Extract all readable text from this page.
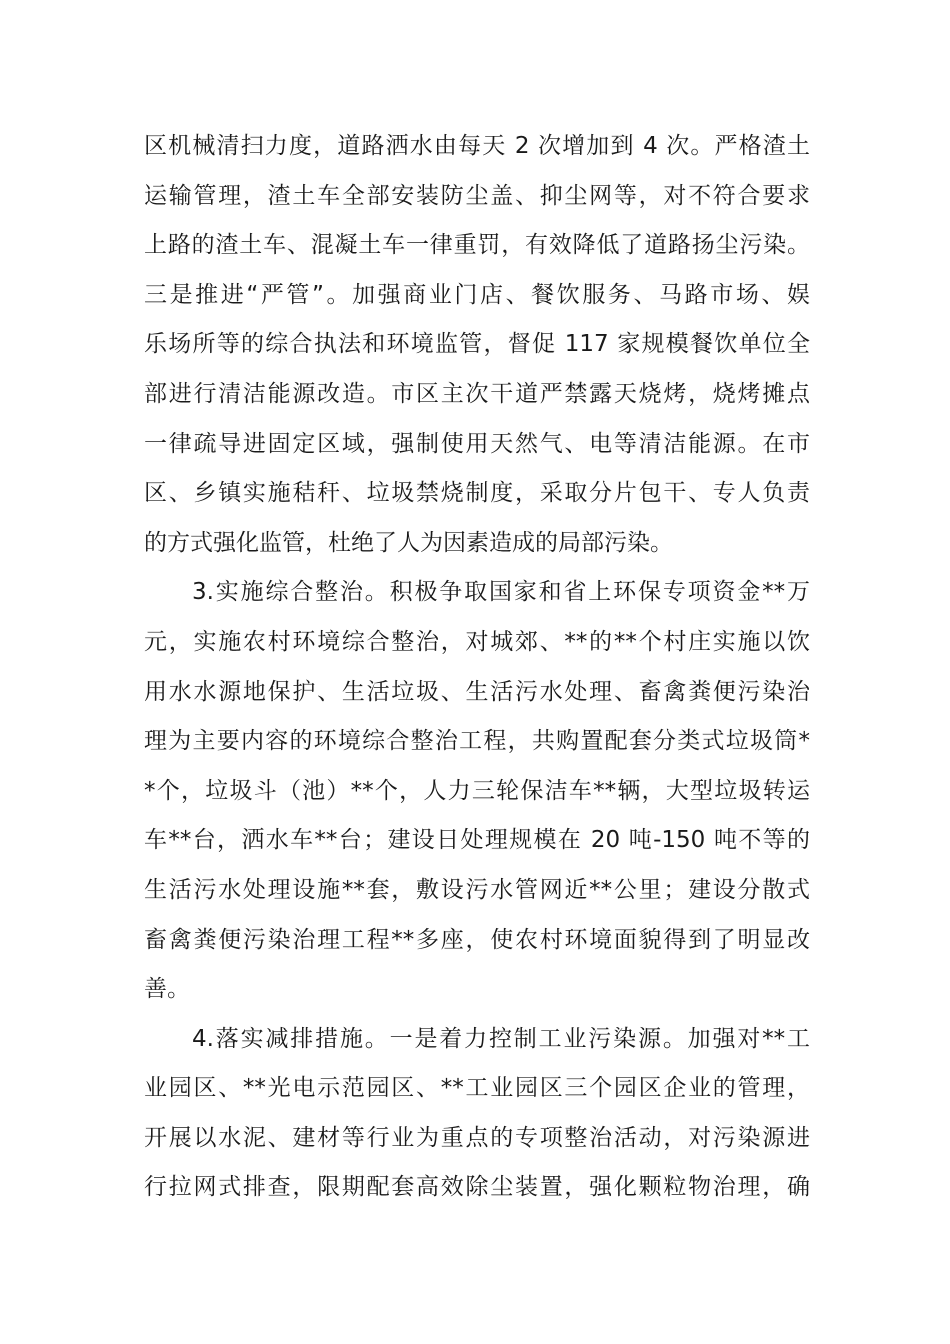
区机械清扫力度，道路洒水由每天 2 次增加到 4 次。严格渣土
运输管理，渣土车全部安装防尘盖、抑尘网等，对不符合要求
上路的渣土车、混凝土车一律重罚，有效降低了道路扬尘污染。
三是推进“严管”。加强商业门店、餐饮服务、马路市场、娱
乐场所等的综合执法和环境监管，督促 117 家规模餐饮单位全
部进行清洁能源改造。市区主次干道严禁露天烧烤，烧烤摊点
一律疏导进固定区域，强制使用天然气、电等清洁能源。在市
区、乡镇实施秸秆、垃圾禁烧制度，采取分片包干、专人负责
的方式强化监管，杜绝了人为因素造成的局部污染。
3.实施综合整治。积极争取国家和省上环保专项资金**万
元，实施农村环境综合整治，对城郊、**的**个村庄实施以饮
用水水源地保护、生活垃圾、生活污水处理、畜禽粪便污染治
理为主要内容的环境综合整治工程，共购置配套分类式垃圾筒*
*个，垃圾斗（池）**个，人力三轮保洁车**辆，大型垃圾转运
车**台，洒水车**台；建设日处理规模在 20 吨-150 吨不等的
生活污水处理设施**套，敷设污水管网近**公里；建设分散式
畜禽粪便污染治理工程**多座，使农村环境面貌得到了明显改
善。
4.落实减排措施。一是着力控制工业污染源。加强对**工
业园区、**光电示范园区、**工业园区三个园区企业的管理，
开展以水泥、建材等行业为重点的专项整治活动，对污染源进
行拉网式排查，限期配套高效除尘装置，强化颗粒物治理，确
